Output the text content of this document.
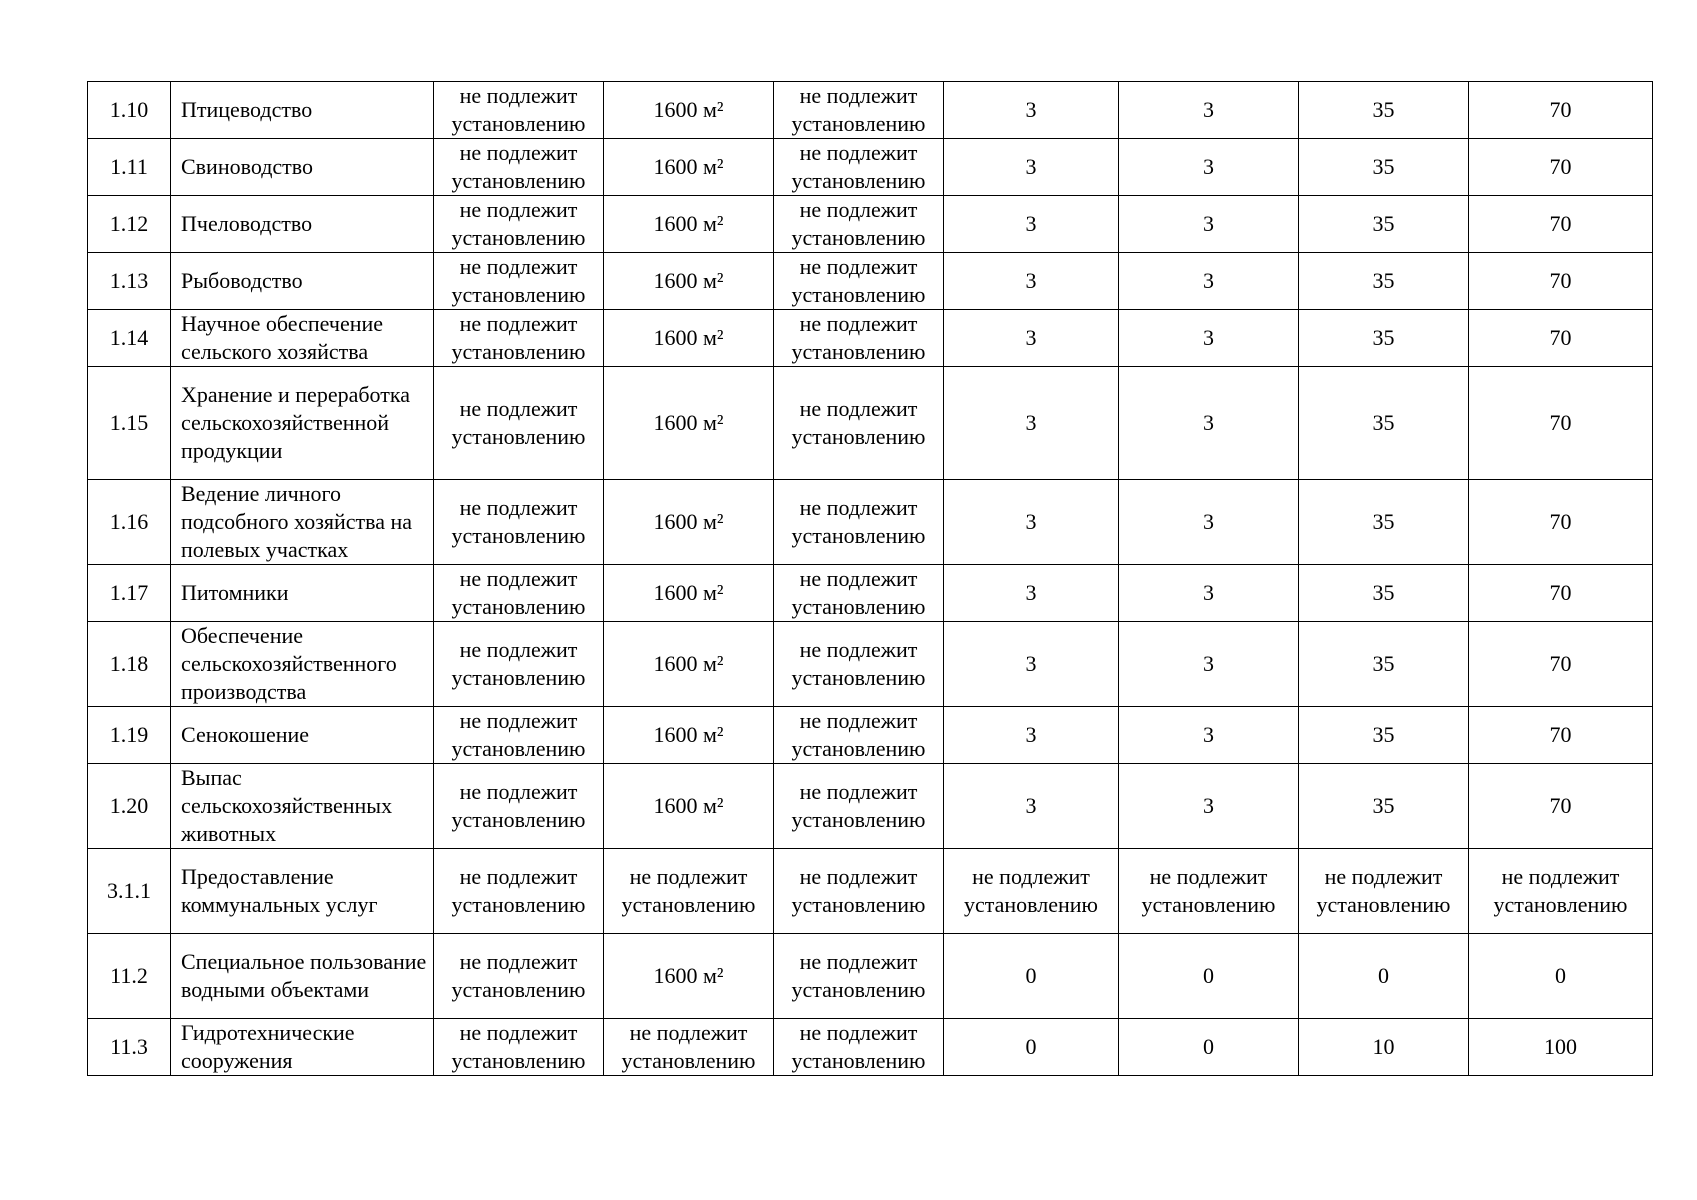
1.10	Птицеводство	не подлежит установлению	1600 м²	не подлежит установлению	3	3	35	70
1.11	Свиноводство	не подлежит установлению	1600 м²	не подлежит установлению	3	3	35	70
1.12	Пчеловодство	не подлежит установлению	1600 м²	не подлежит установлению	3	3	35	70
1.13	Рыбоводство	не подлежит установлению	1600 м²	не подлежит установлению	3	3	35	70
1.14	Научное обеспечение сельского хозяйства	не подлежит установлению	1600 м²	не подлежит установлению	3	3	35	70
1.15	Хранение и переработка сельскохозяйственной продукции	не подлежит установлению	1600 м²	не подлежит установлению	3	3	35	70
1.16	Ведение личного подсобного хозяйства на полевых участках	не подлежит установлению	1600 м²	не подлежит установлению	3	3	35	70
1.17	Питомники	не подлежит установлению	1600 м²	не подлежит установлению	3	3	35	70
1.18	Обеспечение сельскохозяйственного производства	не подлежит установлению	1600 м²	не подлежит установлению	3	3	35	70
1.19	Сенокошение	не подлежит установлению	1600 м²	не подлежит установлению	3	3	35	70
1.20	Выпас сельскохозяйственных животных	не подлежит установлению	1600 м²	не подлежит установлению	3	3	35	70
3.1.1	Предоставление коммунальных услуг	не подлежит установлению	не подлежит установлению	не подлежит установлению	не подлежит установлению	не подлежит установлению	не подлежит установлению	не подлежит установлению
11.2	Специальное пользование водными объектами	не подлежит установлению	1600 м²	не подлежит установлению	0	0	0	0
11.3	Гидротехнические сооружения	не подлежит установлению	не подлежит установлению	не подлежит установлению	0	0	10	100
